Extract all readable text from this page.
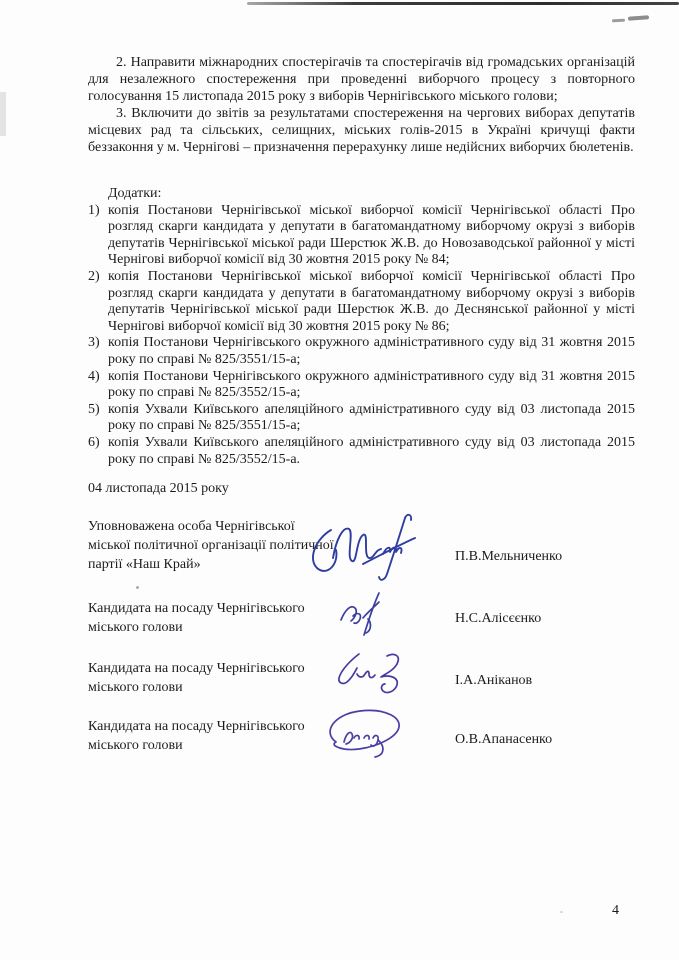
2. Направити міжнародних спостерігачів та спостерігачів від громадських організацій для незалежного спостереження при проведенні виборчого процесу з повторного голосування 15 листопада 2015 року з виборів Чернігівського міського голови;

3. Включити до звітів за результатами спостереження на чергових виборах депутатів місцевих рад та сільських, селищних, міських голів-2015 в Україні кричущі факти беззаконня у м. Чернігові – призначення перерахунку лише недійсних виборчих бюлетенів.

Додатки:
1) копія Постанови Чернігівської міської виборчої комісії Чернігівської області Про розгляд скарги кандидата у депутати в багатомандатному виборчому окрузі з виборів депутатів Чернігівської міської ради Шерстюк Ж.В. до Новозаводської районної у місті Чернігові виборчої комісії від 30 жовтня 2015 року № 84;
2) копія Постанови Чернігівської міської виборчої комісії Чернігівської області Про розгляд скарги кандидата у депутати в багатомандатному виборчому окрузі з виборів депутатів Чернігівської міської ради Шерстюк Ж.В. до Деснянської районної у місті Чернігові виборчої комісії від 30 жовтня 2015 року № 86;
3) копія Постанови Чернігівського окружного адміністративного суду від 31 жовтня 2015 року по справі № 825/3551/15-а;
4) копія Постанови Чернігівського окружного адміністративного суду від 31 жовтня 2015 року по справі № 825/3552/15-а;
5) копія Ухвали Київського апеляційного адміністративного суду від 03 листопада 2015 року по справі № 825/3551/15-а;
6) копія Ухвали Київського апеляційного адміністративного суду від 03 листопада 2015 року по справі № 825/3552/15-а.
04 листопада 2015 року
Уповноважена особа Чернігівської міської політичної організації політичної партії «Наш Край»
П.В.Мельниченко
Кандидата на посаду Чернігівського міського голови
Н.С.Алісєєнко
Кандидата на посаду Чернігівського міського голови	І.А.Аніканов
Кандидата на посаду Чернігівського міського голови	О.В.Апанасенко
4
